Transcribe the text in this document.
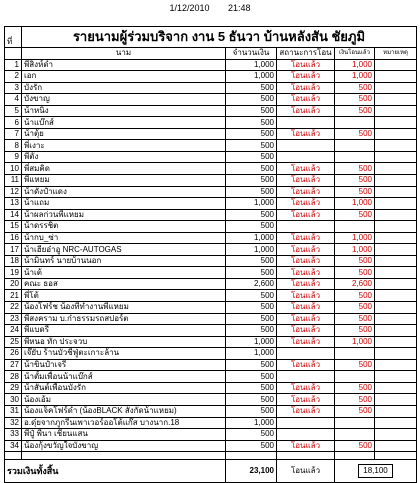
1/12/2010 21:48
ที่	รายนามผู้ร่วมบริจาก งาน 5 ธันวา บ้านหลังสัน ชัยภูมิ				
	นาม	จำนวนเงิน	สถานะการโอน	เงินโอนแล้ว	หมายเหตุ
1	พี่สิงห์ดำ	1,000	โอนแล้ว	1,000	
2	เอก	1,000	โอนแล้ว	1,000	
3	บังรัก	500	โอนแล้ว	500	
4	บังขาญ	500	โอนแล้ว	500	
5	น้าหนิ่ง	500	โอนแล้ว	500	
6	น้าแบ๊กส์	500			
7	น้าตุ้ย	500	โอนแล้ว	500	
8	พี่เงาะ	500			
9	พี่ตั้ง	500			
10	พี่สมคิด	500	โอนแล้ว	500	
11	พี่แหยม	500	โอนแล้ว	500	
12	น้าดังปำแดง	500	โอนแล้ว	500	
13	น้าแถม	1,000	โอนแล้ว	1,000	
14	น้าผลก่วนพี่แหยม	500	โอนแล้ว	500	
15	น้าดรรชิต	500			
16	น้ากบ_ซ่า	1,000	โอนแล้ว	1,000	
17	น้าเฮียอ๋าอู NRC-AUTOGAS	1,000	โอนแล้ว	1,000	
18	น้ามินทร์ นายบ้านนอก	500	โอนแล้ว	500	
19	น้าเต้	500	โอนแล้ว	500	
20	คณะ ธอส	2,600	โอนแล้ว	2,600	
21	พี่โต้	500	โอนแล้ว	500	
22	น้องโฟร์ช น้องที่ทำงานพี่แหยม	500	โอนแล้ว	500	
23	พี่สงคราม บ.ก๋าธรรมรถสปอร์ต	500	โอนแล้ว	500	
24	พี่แบดรี	500	โอนแล้ว	500	
25	พี่หนอ ทัก ประจวบ	1,000	โอนแล้ว	1,000	
26	เจ๊ยับ ร้านบัวชีฟู่ตะเกาะล้าน	1,000			
27	น้าขินปำเจรี	500	โอนแล้ว	500	
28	น้าตั้มเพื่อนน้าแบ๊กส์	500			
29	น้าสันต์เพื่อนบังรัก	500	โอนแล้ว	500	
30	น้องเอ้ม	500	โอนแล้ว	500	
31	น้องแจ็คโฟร์ดำ (น้องBLACK สังกัดน้าแหยม)	500	โอนแล้ว	500	
32	อ.ดุ๋ยจากภูกรีนเพาเวอร์ออโต้แก๊ส บางนาก.18	1,000			
33	พี่ปู๋ พี่นา เชียนแสน	500			
34	น้องกุ้งขวัญใจบังขาญ	500	โอนแล้ว	500	

รวมเงินทั้งสิ้น		23,100	โอนแล้ว	18,100	
